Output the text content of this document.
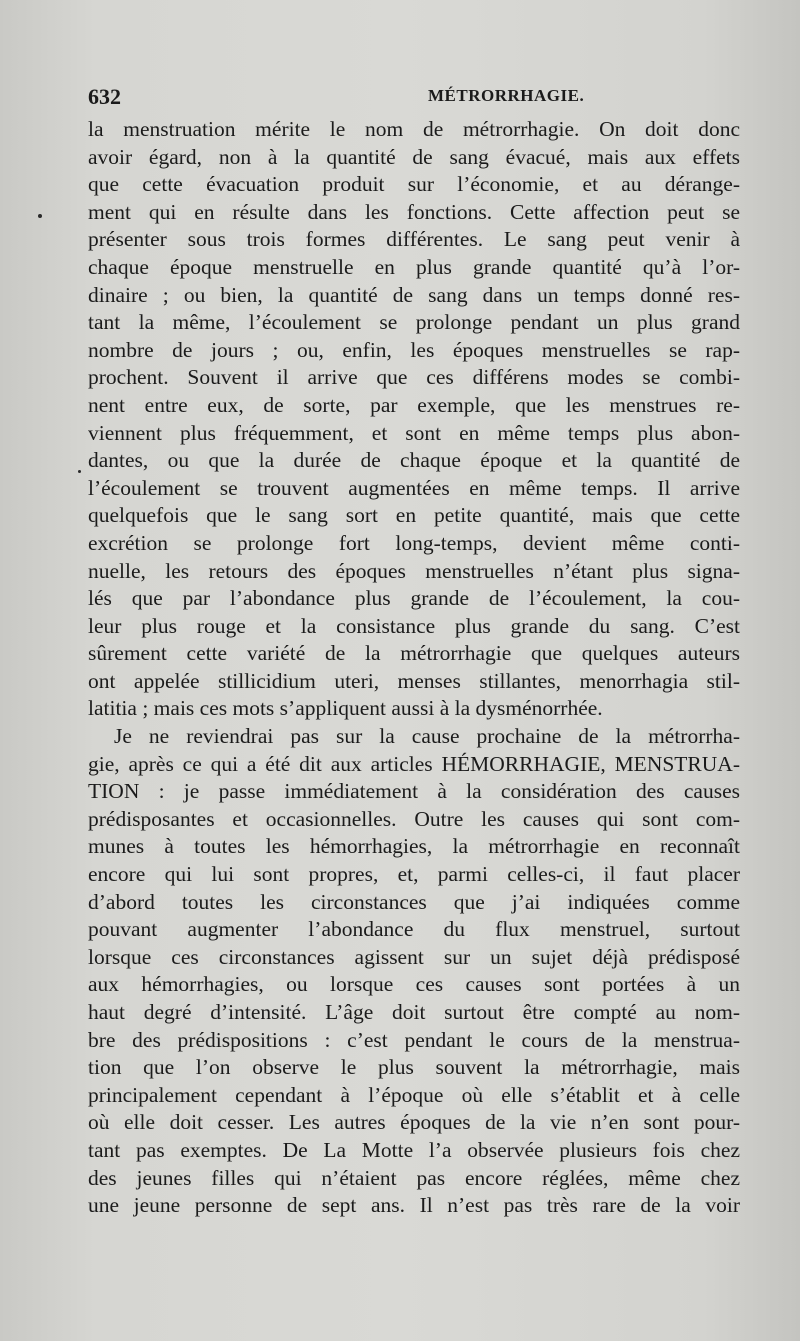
632	MÉTRORRHAGIE.
la menstruation mérite le nom de métrorrhagie. On doit donc
avoir égard, non à la quantité de sang évacué, mais aux effets
que cette évacuation produit sur l’économie, et au dérange-
ment qui en résulte dans les fonctions. Cette affection peut se
présenter sous trois formes différentes. Le sang peut venir à
chaque époque menstruelle en plus grande quantité qu’à l’or-
dinaire ; ou bien, la quantité de sang dans un temps donné res-
tant la même, l’écoulement se prolonge pendant un plus grand
nombre de jours ; ou, enfin, les époques menstruelles se rap-
prochent. Souvent il arrive que ces différens modes se combi-
nent entre eux, de sorte, par exemple, que les menstrues re-
viennent plus fréquemment, et sont en même temps plus abon-
dantes, ou que la durée de chaque époque et la quantité de
l’écoulement se trouvent augmentées en même temps. Il arrive
quelquefois que le sang sort en petite quantité, mais que cette
excrétion se prolonge fort long-temps, devient même conti-
nuelle, les retours des époques menstruelles n’étant plus signa-
lés que par l’abondance plus grande de l’écoulement, la cou-
leur plus rouge et la consistance plus grande du sang. C’est
sûrement cette variété de la métrorrhagie que quelques auteurs
ont appelée stillicidium uteri, menses stillantes, menorrhagia stil-
latitia ; mais ces mots s’appliquent aussi à la dysménorrhée.
Je ne reviendrai pas sur la cause prochaine de la métrorrha-
gie, après ce qui a été dit aux articles HÉMORRHAGIE, MENSTRUA-
TION : je passe immédiatement à la considération des causes
prédisposantes et occasionnelles. Outre les causes qui sont com-
munes à toutes les hémorrhagies, la métrorrhagie en reconnaît
encore qui lui sont propres, et, parmi celles-ci, il faut placer
d’abord toutes les circonstances que j’ai indiquées comme
pouvant augmenter l’abondance du flux menstruel, surtout
lorsque ces circonstances agissent sur un sujet déjà prédisposé
aux hémorrhagies, ou lorsque ces causes sont portées à un
haut degré d’intensité. L’âge doit surtout être compté au nom-
bre des prédispositions : c’est pendant le cours de la menstrua-
tion que l’on observe le plus souvent la métrorrhagie, mais
principalement cependant à l’époque où elle s’établit et à celle
où elle doit cesser. Les autres époques de la vie n’en sont pour-
tant pas exemptes. De La Motte l’a observée plusieurs fois chez
des jeunes filles qui n’étaient pas encore réglées, même chez
une jeune personne de sept ans. Il n’est pas très rare de la voir
